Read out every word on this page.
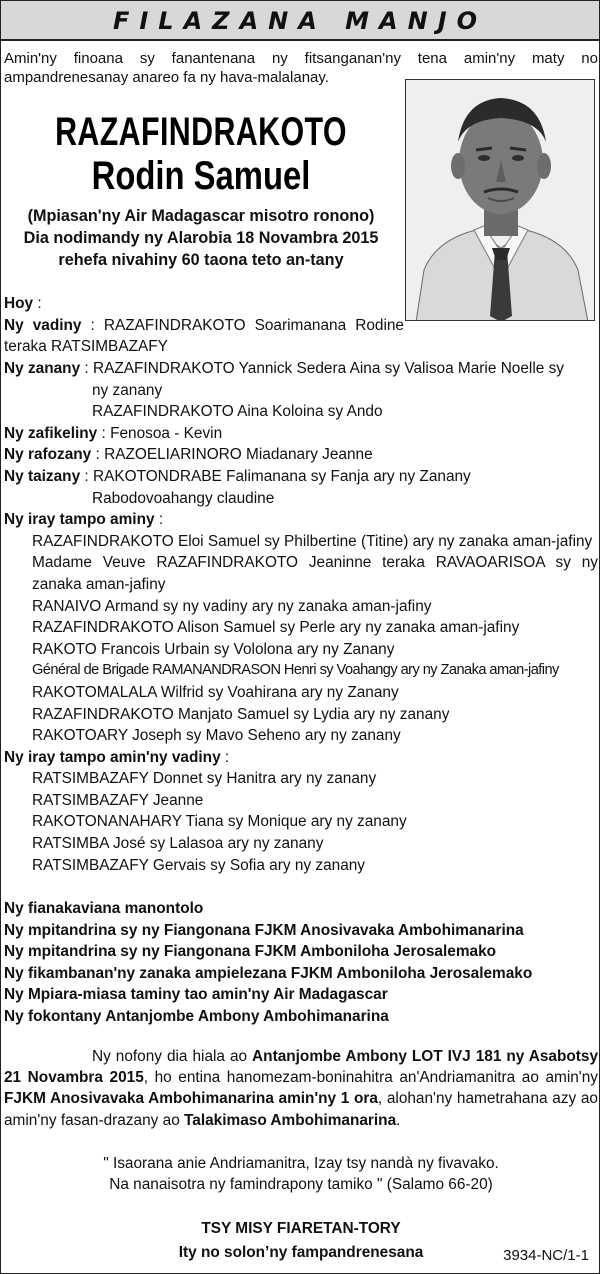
FILAZANA MANJO
Amin'ny finoana sy fanantenana ny fitsanganan'ny tena amin'ny maty no ampandrenesanay anareo fa ny hava-malalanay.
RAZAFINDRAKOTO
Rodin Samuel
(Mpiasan'ny Air Madagascar misotro ronono)
Dia nodimandy ny Alarobia 18 Novambra 2015
rehefa nivahiny 60 taona teto an-tany
Hoy :
Ny vadiny : RAZAFINDRAKOTO Soarimanana Rodine
teraka RATSIMBAZAFY
Ny zanany : RAZAFINDRAKOTO Yannick Sedera Aina sy Valisoa Marie Noelle sy
ny zanany
RAZAFINDRAKOTO Aina Koloina sy Ando
Ny zafikeliny : Fenosoa - Kevin
Ny rafozany : RAZOELIARINORO Miadanary Jeanne
Ny taizany : RAKOTONDRABE Falimanana sy Fanja ary ny Zanany
Rabodovoahangy claudine
Ny iray tampo aminy :
RAZAFINDRAKOTO Eloi Samuel sy Philbertine (Titine) ary ny zanaka aman-jafiny
Madame Veuve RAZAFINDRAKOTO Jeaninne teraka RAVAOARISOA sy ny zanaka aman-jafiny
RANAIVO Armand sy ny vadiny ary ny zanaka aman-jafiny
RAZAFINDRAKOTO Alison Samuel sy Perle ary ny zanaka aman-jafiny
RAKOTO Francois Urbain sy Vololona ary ny Zanany
Général de Brigade RAMANANDRASON Henri sy Voahangy ary ny Zanaka aman-jafiny
RAKOTOMALALA Wilfrid sy Voahirana ary ny Zanany
RAZAFINDRAKOTO Manjato Samuel sy Lydia ary ny zanany
RAKOTOARY Joseph sy Mavo Seheno ary ny zanany
Ny iray tampo amin'ny vadiny :
RATSIMBAZAFY Donnet sy Hanitra ary ny zanany
RATSIMBAZAFY Jeanne
RAKOTONANAHARY Tiana sy Monique ary ny zanany
RATSIMBA José sy Lalasoa ary ny zanany
RATSIMBAZAFY Gervais sy Sofia ary ny zanany
Ny fianakaviana manontolo
Ny mpitandrina sy ny Fiangonana FJKM Anosivavaka Ambohimanarina
Ny mpitandrina sy ny Fiangonana FJKM Amboniloha Jerosalemako
Ny fikambanan'ny zanaka ampielezana FJKM Amboniloha Jerosalemako
Ny Mpiara-miasa taminy tao amin'ny Air Madagascar
Ny fokontany Antanjombe Ambony Ambohimanarina
Ny nofony dia hiala ao Antanjombe Ambony LOT IVJ 181 ny Asabotsy 21 Novambra 2015, ho entina hanomezam-boninahitra an'Andriamanitra ao amin'ny FJKM Anosivavaka Ambohimanarina amin'ny 1 ora, alohan'ny hametrahana azy ao amin'ny fasan-drazany ao Talakimaso Ambohimanarina.
" Isaorana anie Andriamanitra, Izay tsy nandà ny fivavako.
Na nanaisotra ny famindrapony tamiko " (Salamo 66-20)
TSY MISY FIARETAN-TORY
Ity no solon’ny fampandrenesana	3934-NC/1-1
